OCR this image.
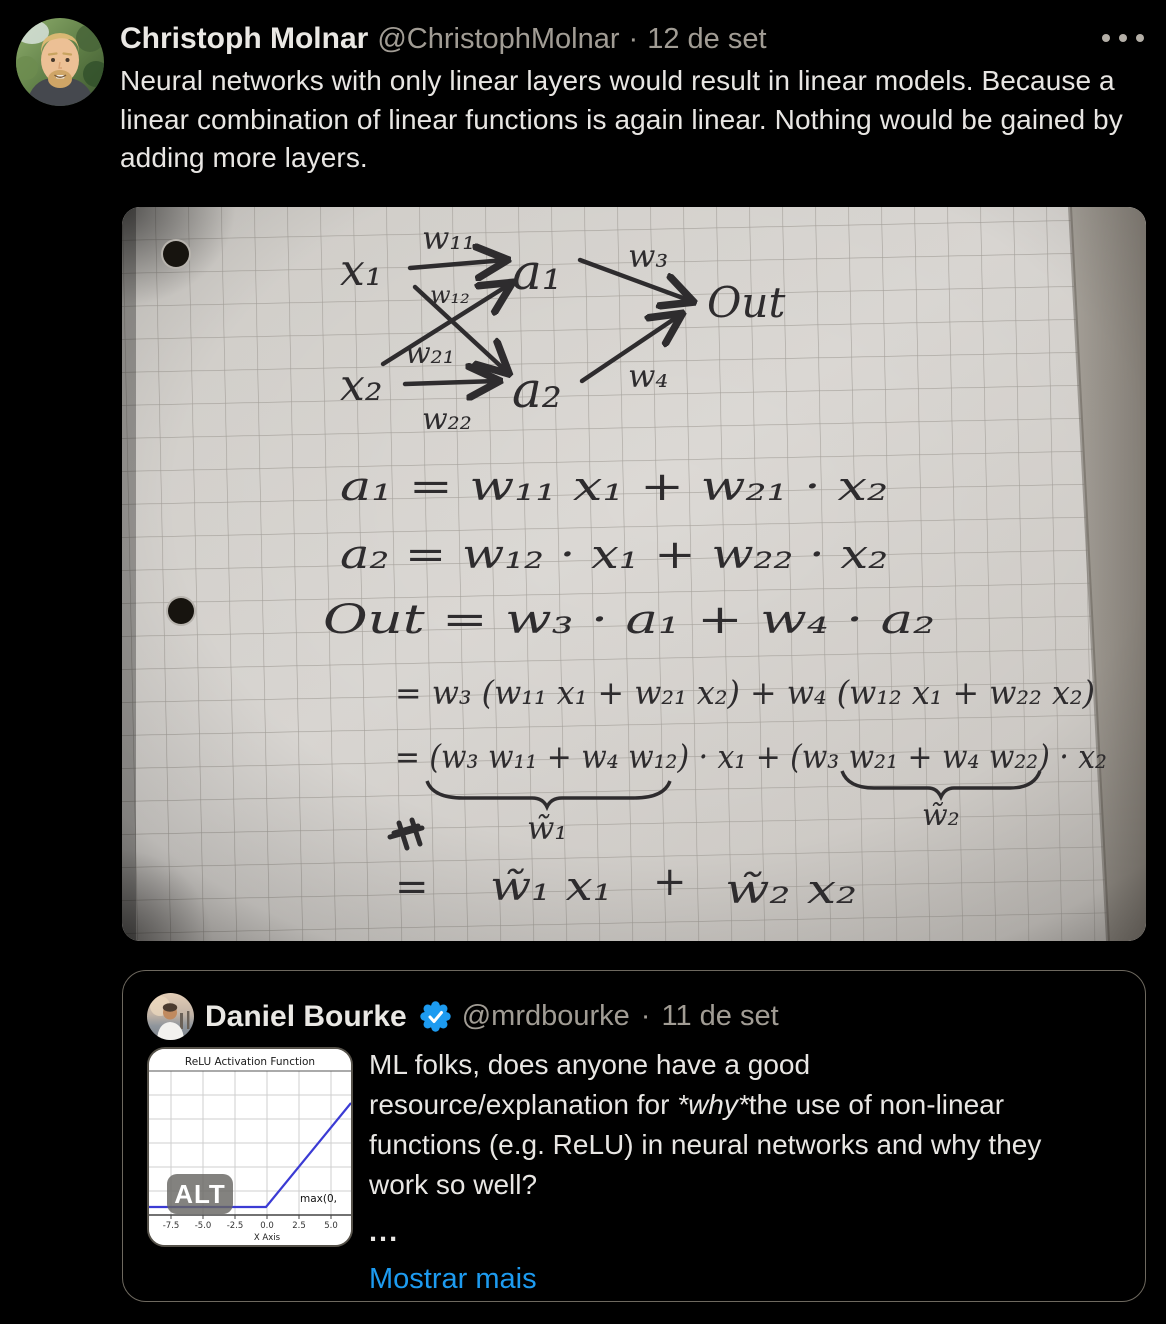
Christoph Molnar @ChristophMolnar · 12 de set
Neural networks with only linear layers would result in linear models. Because a linear combination of linear functions is again linear. Nothing would be gained by adding more layers.
x₁
x₂
w₁₁
w₁₂
w₂₁
w₂₂
a₁
a₂
w₃
w₄
Out
a₁ = w₁₁ x₁ + w₂₁ · x₂
a₂ = w₁₂ · x₁ + w₂₂ · x₂
Out = w₃ · a₁ + w₄ · a₂
= w₃ (w₁₁ x₁ + w₂₁ x₂) + w₄ (w₁₂ x₁ + w₂₂ x₂)
= (w₃ w₁₁ + w₄ w₁₂) · x₁ + (w₃ w₂₁ + w₄ w₂₂) · x₂
w̃₁	w̃₂
= w̃₁ x₁ + w̃₂ x₂
Daniel Bourke @mrdbourke · 11 de set
ReLU Activation Function
-7.5 -5.0 -2.5 0.0 2.5 5.0
X Axis
max(0,
ALT
ML folks, does anyone have a good
resource/explanation for *why*the use of non-linear
functions (e.g. ReLU) in neural networks and why they
work so well?
...
Mostrar mais
